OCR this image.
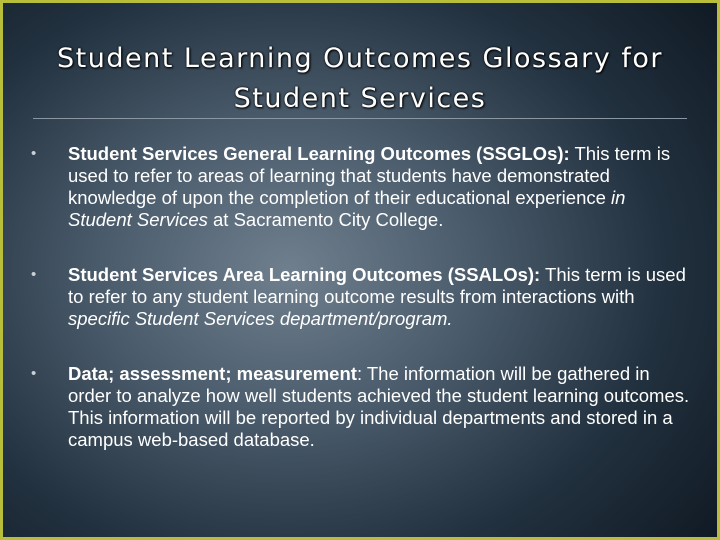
Student Learning Outcomes Glossary for
Student Services
• Student Services General Learning Outcomes (SSGLOs): This term is used to refer to areas of learning that students have demonstrated knowledge of upon the completion of their educational experience in Student Services at Sacramento City College.
• Student Services Area Learning Outcomes (SSALOs): This term is used to refer to any student learning outcome results from interactions with specific Student Services department/program.
• Data; assessment; measurement: The information will be gathered in order to analyze how well students achieved the student learning outcomes. This information will be reported by individual departments and stored in a campus web-based database.
